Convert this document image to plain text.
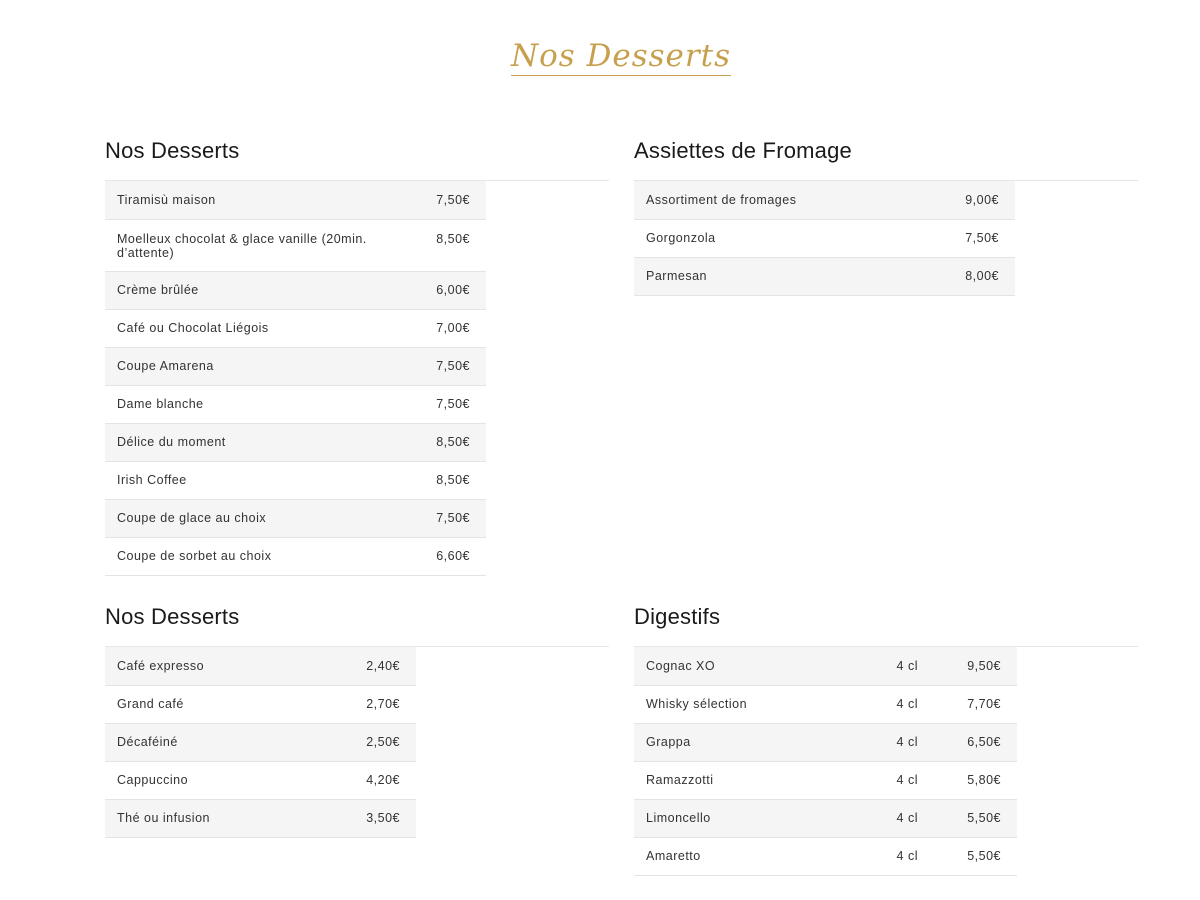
Nos Desserts
Nos Desserts
Tiramisù maison	7,50€
Moelleux chocolat & glace vanille (20min. d’attente)	8,50€
Crème brûlée	6,00€
Café ou Chocolat Liégois	7,00€
Coupe Amarena	7,50€
Dame blanche	7,50€
Délice du moment	8,50€
Irish Coffee	8,50€
Coupe de glace au choix	7,50€
Coupe de sorbet au choix	6,60€
Assiettes de Fromage
Assortiment de fromages	9,00€
Gorgonzola	7,50€
Parmesan	8,00€
Nos Desserts
Café expresso	2,40€
Grand café	2,70€
Décaféiné	2,50€
Cappuccino	4,20€
Thé ou infusion	3,50€
Digestifs
Cognac XO	4 cl	9,50€
Whisky sélection	4 cl	7,70€
Grappa	4 cl	6,50€
Ramazzotti	4 cl	5,80€
Limoncello	4 cl	5,50€
Amaretto	4 cl	5,50€
